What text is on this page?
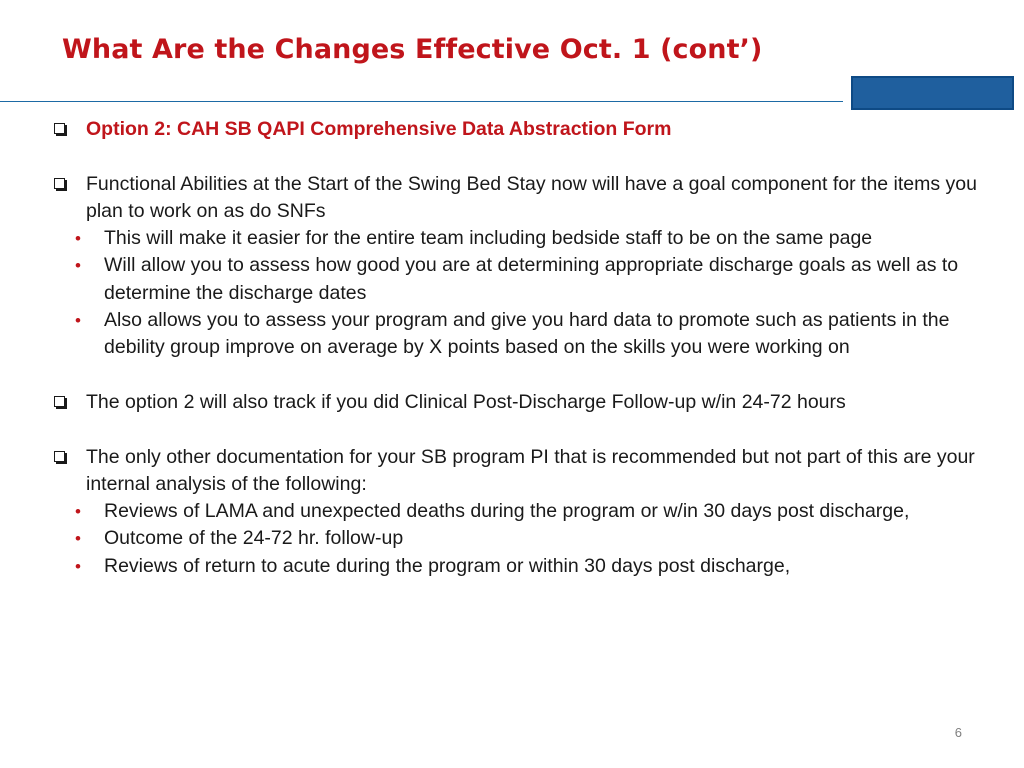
What Are the Changes Effective Oct. 1 (cont’)
Option 2: CAH SB QAPI Comprehensive Data Abstraction Form
Functional Abilities at the Start of the Swing Bed Stay now will have a goal component for the items you plan to work on as do SNFs
• This will make it easier for the entire team including bedside staff to be on the same page
• Will allow you to assess how good you are at determining appropriate discharge goals as well as to determine the discharge dates
• Also allows you to assess your program and give you hard data to promote such as patients in the debility group improve on average by X points based on the skills you were working on
The option 2 will also track if you did Clinical Post-Discharge Follow-up w/in 24-72 hours
The only other documentation for your SB program PI that is recommended but not part of this are your internal analysis of the following:
• Reviews of LAMA and unexpected deaths during the program or w/in 30 days post discharge,
• Outcome of the 24-72 hr. follow-up
• Reviews of return to acute during the program or within 30 days post discharge,
6
